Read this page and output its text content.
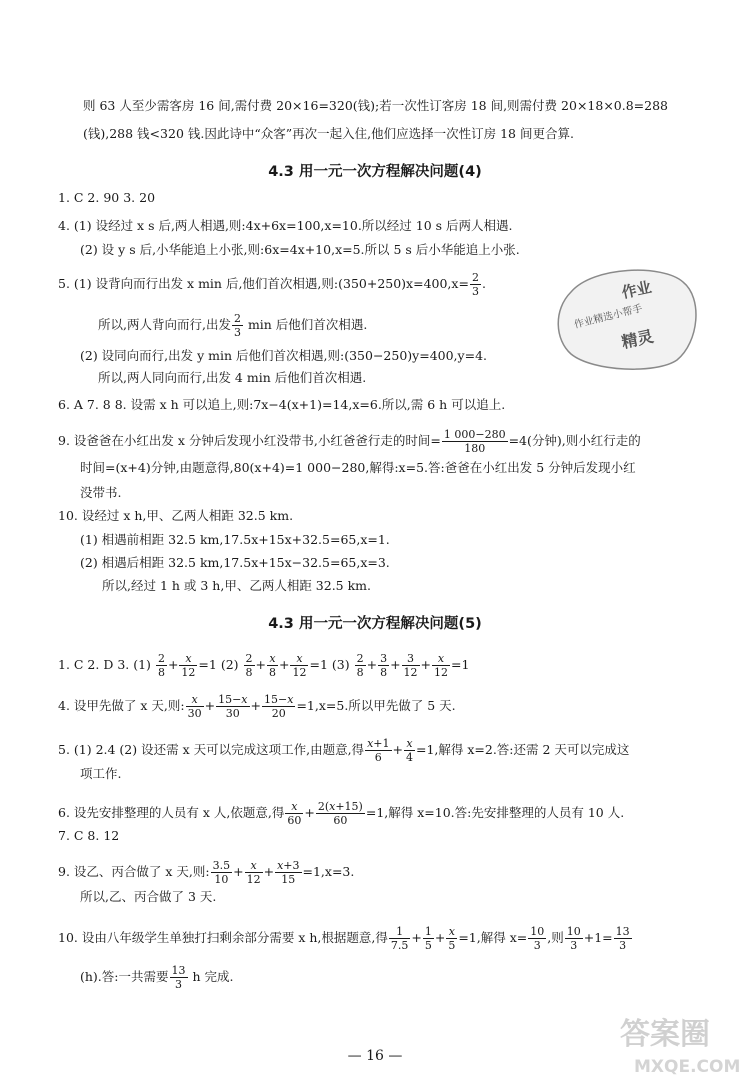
则 63 人至少需客房 16 间,需付费 20×16=320(钱);若一次性订客房 18 间,则需付费 20×18×0.8=288
(钱),288 钱<320 钱.因此诗中“众客”再次一起入住,他们应选择一次性订房 18 间更合算.
4.3 用一元一次方程解决问题(4)
1. C 2. 90 3. 20
4. (1) 设经过 x s 后,两人相遇,则:4x+6x=100,x=10.所以经过 10 s 后两人相遇.
(2) 设 y s 后,小华能追上小张,则:6x=4x+10,x=5.所以 5 s 后小华能追上小张.
5. (1) 设背向而行出发 x min 后,他们首次相遇,则:(350+250)x=400,x= $\frac{2}{3}$ .
所以,两人背向而行,出发 $\frac{2}{3}$ min 后他们首次相遇.
(2) 设同向而行,出发 y min 后他们首次相遇,则:(350−250)y=400,y=4.
所以,两人同向而行,出发 4 min 后他们首次相遇.
6. A 7. 8 8. 设需 x h 可以追上,则:7x−4(x+1)=14,x=6.所以,需 6 h 可以追上.
9. 设爸爸在小红出发 x 分钟后发现小红没带书,小红爸爸行走的时间= $\frac{1 000-280}{180} =4$(分钟),则小红行走的
时间=(x+4)分钟,由题意得,80(x+4)=1 000−280,解得:x=5.答:爸爸在小红出发 5 分钟后发现小红
没带书.
10. 设经过 x h,甲、乙两人相距 32.5 km.
(1) 相遇前相距 32.5 km,17.5x+15x+32.5=65,x=1.
(2) 相遇后相距 32.5 km,17.5x+15x−32.5=65,x=3.
所以,经过 1 h 或 3 h,甲、乙两人相距 32.5 km.
4.3 用一元一次方程解决问题(5)
1. C 2. D 3. $(1) \frac{2}{8} + \frac{x}{12} =1$ $(2) \frac{2}{8} + \frac{x}{8} + \frac{x}{12} =1$ $(3) \frac{2}{8} + \frac{3}{8} + \frac{3}{12} + \frac{x}{12} =1$
4. 设甲先做了 x 天,则: $\frac{x}{30} + \frac{15-x}{30} + \frac{15-x}{20} =1,x=5$.所以甲先做了 5 天.
5. (1) 2.4 (2) 设还需 x 天可以完成这项工作,由题意,得 $\frac{x+1}{6} + \frac{x}{4} =1$,解得 x=2.答:还需 2 天可以完成这
项工作.
6. 设先安排整理的人员有 x 人,依题意,得 $\frac{x}{60} + \frac{2(x+15)}{60} =1$,解得 x=10.答:先安排整理的人员有 10 人.
7. C 8. 12
9. 设乙、丙合做了 x 天,则: $\frac{3.5}{10} + \frac{x}{12} + \frac{x+3}{15} =1,x=3$.
所以,乙、丙合做了 3 天.
10. 设由八年级学生单独打扫剩余部分需要 x h,根据题意,得 $\frac{1}{7.5} + \frac{1}{5} + \frac{x}{5} =1$,解得 $x= \frac{10}{3}$ ,则 $\frac{10}{3} +1= \frac{13}{3}$
(h).答:一共需要 $\frac{13}{3}$ h 完成.
作业
作业精选小帮手
精灵
— 16 —
答案圈
MXQE.COM
